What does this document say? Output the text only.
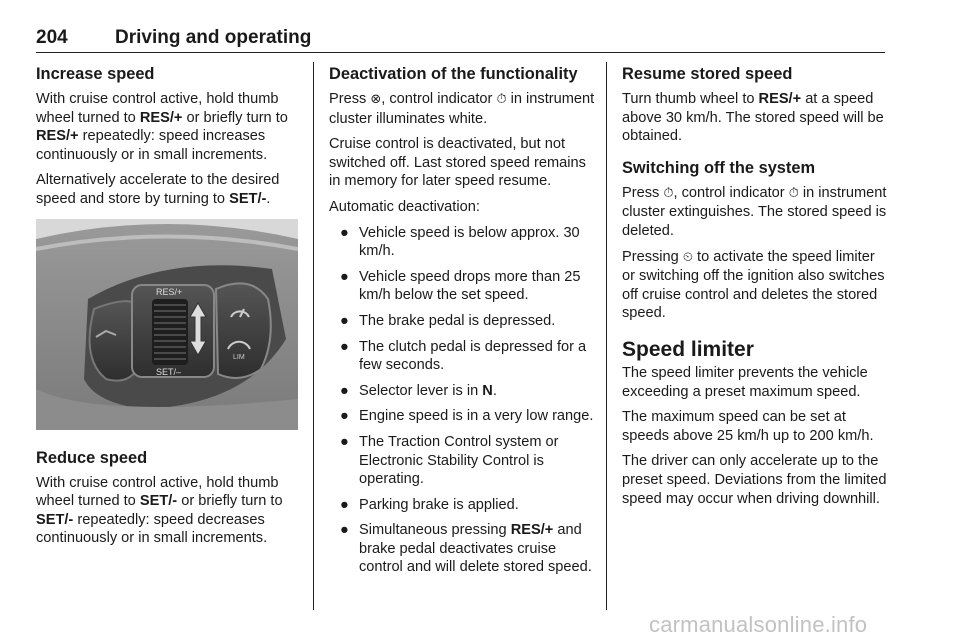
204 Driving and operating
Increase speed

With cruise control active, hold thumb wheel turned to RES/+ or briefly turn to RES/+ repeatedly: speed increases continuously or in small increments.

Alternatively accelerate to the desired speed and store by turning to SET/-.

RES/+
SET/–
LIM
Reduce speed

With cruise control active, hold thumb wheel turned to SET/- or briefly turn to SET/- repeatedly: speed decreases continuously or in small increments.

Deactivation of the functionality

Press ⊗, control indicator ⏱ in instrument cluster illuminates white.

Cruise control is deactivated, but not switched off. Last stored speed remains in memory for later speed resume.

Automatic deactivation:

● Vehicle speed is below approx. 30 km/h.
● Vehicle speed drops more than 25 km/h below the set speed.
● The brake pedal is depressed.
● The clutch pedal is depressed for a few seconds.
● Selector lever is in N.
● Engine speed is in a very low range.
● The Traction Control system or Electronic Stability Control is operating.
● Parking brake is applied.
● Simultaneous pressing RES/+ and brake pedal deactivates cruise control and will delete stored speed.
Resume stored speed

Turn thumb wheel to RES/+ at a speed above 30 km/h. The stored speed will be obtained.

Switching off the system

Press ⏱, control indicator ⏱ in instrument cluster extinguishes. The stored speed is deleted.

Pressing ⏲ to activate the speed limiter or switching off the ignition also switches off cruise control and deletes the stored speed.

Speed limiter

The speed limiter prevents the vehicle exceeding a preset maximum speed.

The maximum speed can be set at speeds above 25 km/h up to 200 km/h.

The driver can only accelerate up to the preset speed. Deviations from the limited speed may occur when driving downhill.

carmanualsonline.info
